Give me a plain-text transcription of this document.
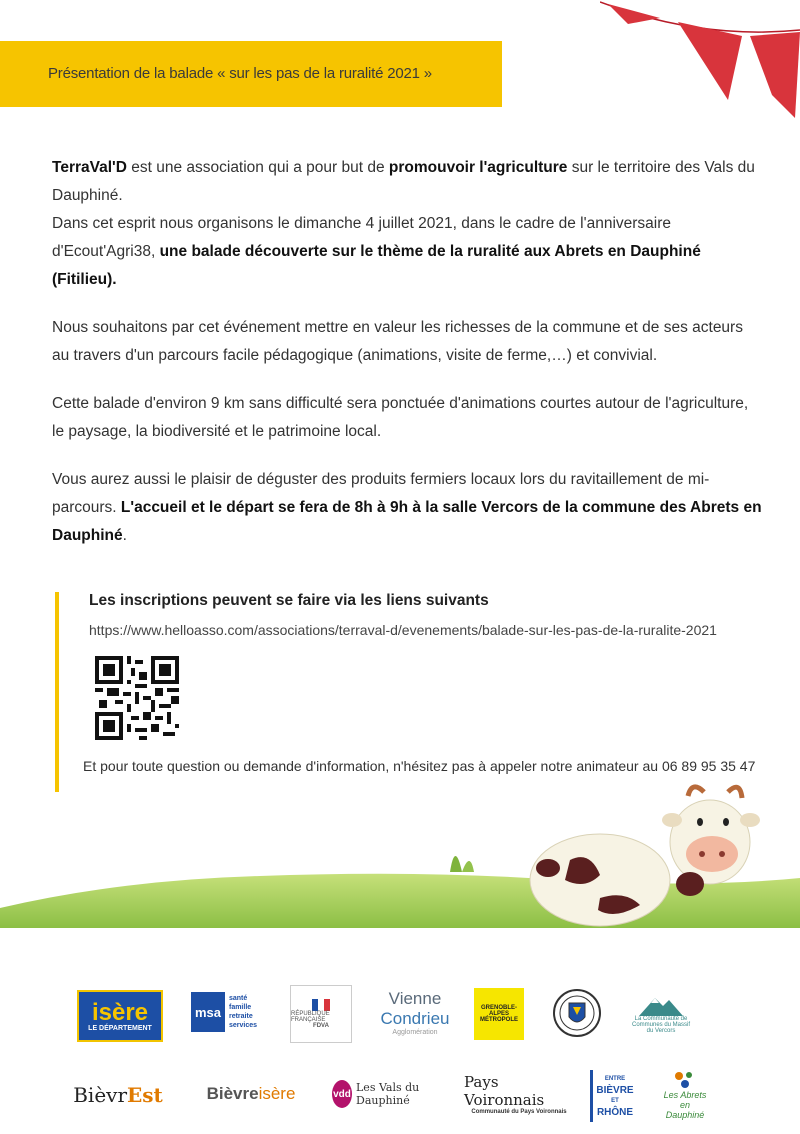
Présentation de la balade « sur les pas de la ruralité 2021 »

TerraVal'D est une association qui a pour but de promouvoir l'agriculture sur le territoire des Vals du Dauphiné.
Dans cet esprit nous organisons le dimanche 4 juillet 2021, dans le cadre de l'anniversaire d'Ecout'Agri38, une balade découverte sur le thème de la ruralité aux Abrets en Dauphiné (Fitilieu).

Nous souhaitons par cet événement mettre en valeur les richesses de la commune et de ses acteurs au travers d'un parcours facile pédagogique (animations, visite de ferme,…) et convivial.

Cette balade d'environ 9 km sans difficulté sera ponctuée d'animations courtes autour de l'agriculture, le paysage, la biodiversité et le patrimoine local.

Vous aurez aussi le plaisir de déguster des produits fermiers locaux lors du ravitaillement de mi-parcours. L'accueil et le départ se fera de 8h à 9h à la salle Vercors de la commune des Abrets en Dauphiné.

Les inscriptions peuvent se faire via les liens suivants
https://www.helloasso.com/associations/terraval-d/evenements/balade-sur-les-pas-de-la-ruralite-2021
Et pour toute question ou demande d'information, n'hésitez pas à appeler notre animateur au 06 89 95 35 47
isère
LE DÉPARTEMENT
msa
santé
famille
retraite
services
RÉPUBLIQUE FRANÇAISE
FDVA
Vienne
Condrieu
Agglomération
GRENOBLE-ALPES MÉTROPOLE	La Communauté de Communes du Massif du Vercors
Bièvr Est	Bièvre isère	vdd Les Vals du Dauphiné
Pays Voironnais
Communauté du Pays Voironnais
ENTRE
BIÈVRE
ET
RHÔNE
Les Abrets en Dauphiné
